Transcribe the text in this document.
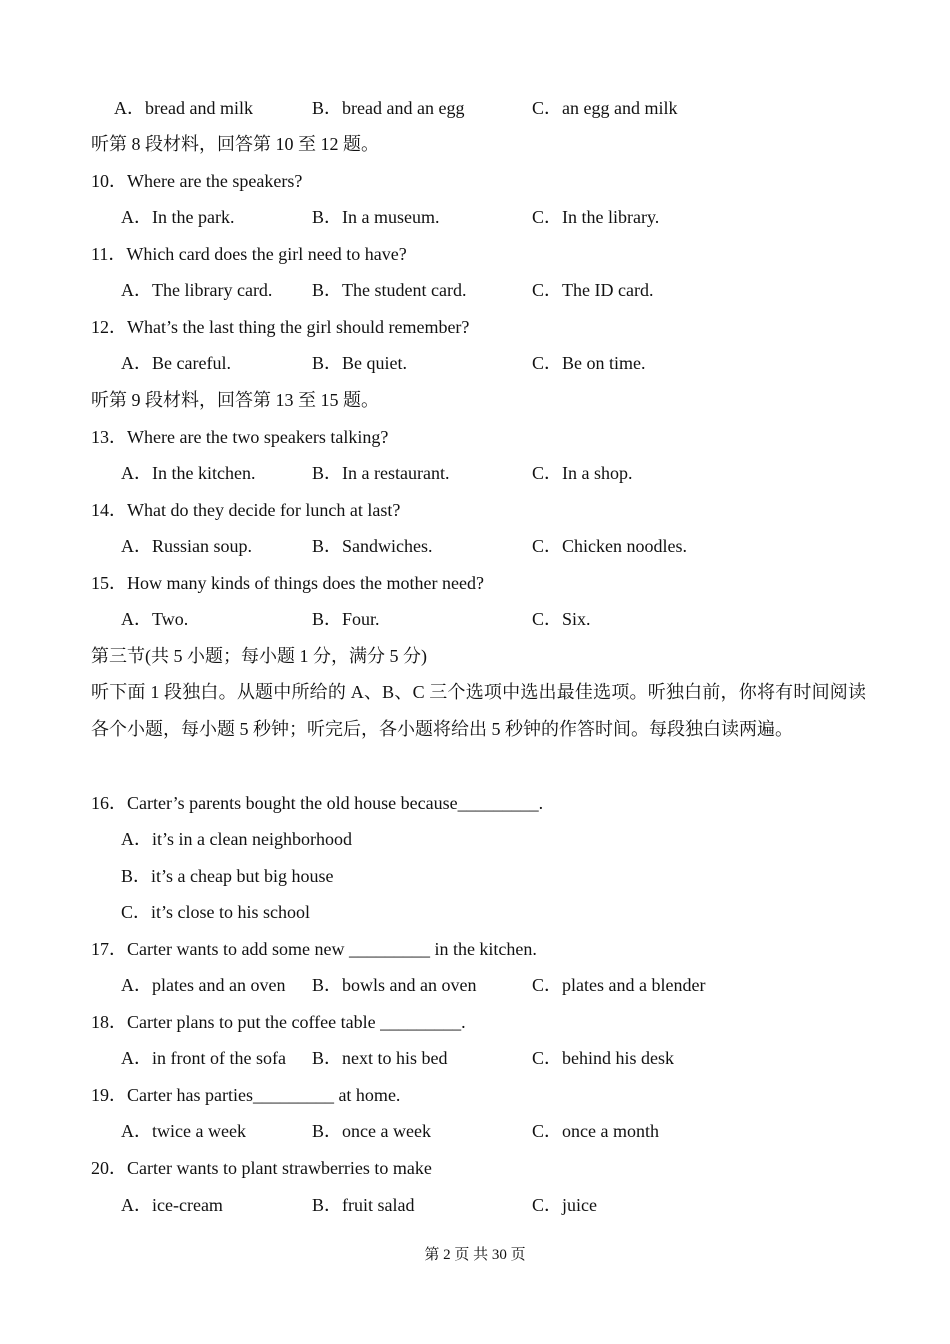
A．bread and milk	B．bread and an egg	C．an egg and milk
听第 8 段材料，回答第 10 至 12 题。
10．Where are the speakers?
A．In the park.	B．In a museum.	C．In the library.
11．Which card does the girl need to have?
A．The library card. B．The student card.	C．The ID card.
12．What’s the last thing the girl should remember?
A．Be careful.	B．Be quiet.	C．Be on time.
听第 9 段材料，回答第 13 至 15 题。
13．Where are the two speakers talking?
A．In the kitchen.	B．In a restaurant.	C．In a shop.
14．What do they decide for lunch at last?
A．Russian soup.	B．Sandwiches.	C．Chicken noodles.
15．How many kinds of things does the mother need?
A．Two.	B．Four.	C．Six.
第三节(共 5 小题；每小题 1 分，满分 5 分)
听下面 1 段独白。从题中所给的 A、B、C 三个选项中选出最佳选项。听独白前，你将有时间阅读各个小题，每小题 5 秒钟；听完后，各小题将给出 5 秒钟的作答时间。每段独白读两遍。
16．Carter’s parents bought the old house because_________.
A．it’s in a clean neighborhood
B．it’s a cheap but big house
C．it’s close to his school
17．Carter wants to add some new _________ in the kitchen.
A．plates and an oven B．bowls and an oven	C．plates and a blender
18．Carter plans to put the coffee table _________.
A．in front of the sofa B．next to his bed	C．behind his desk
19．Carter has parties_________ at home.
A．twice a week	B．once a week	C．once a month
20．Carter wants to plant strawberries to make
A．ice-cream	B．fruit salad	C．juice
第 2 页 共 30 页
